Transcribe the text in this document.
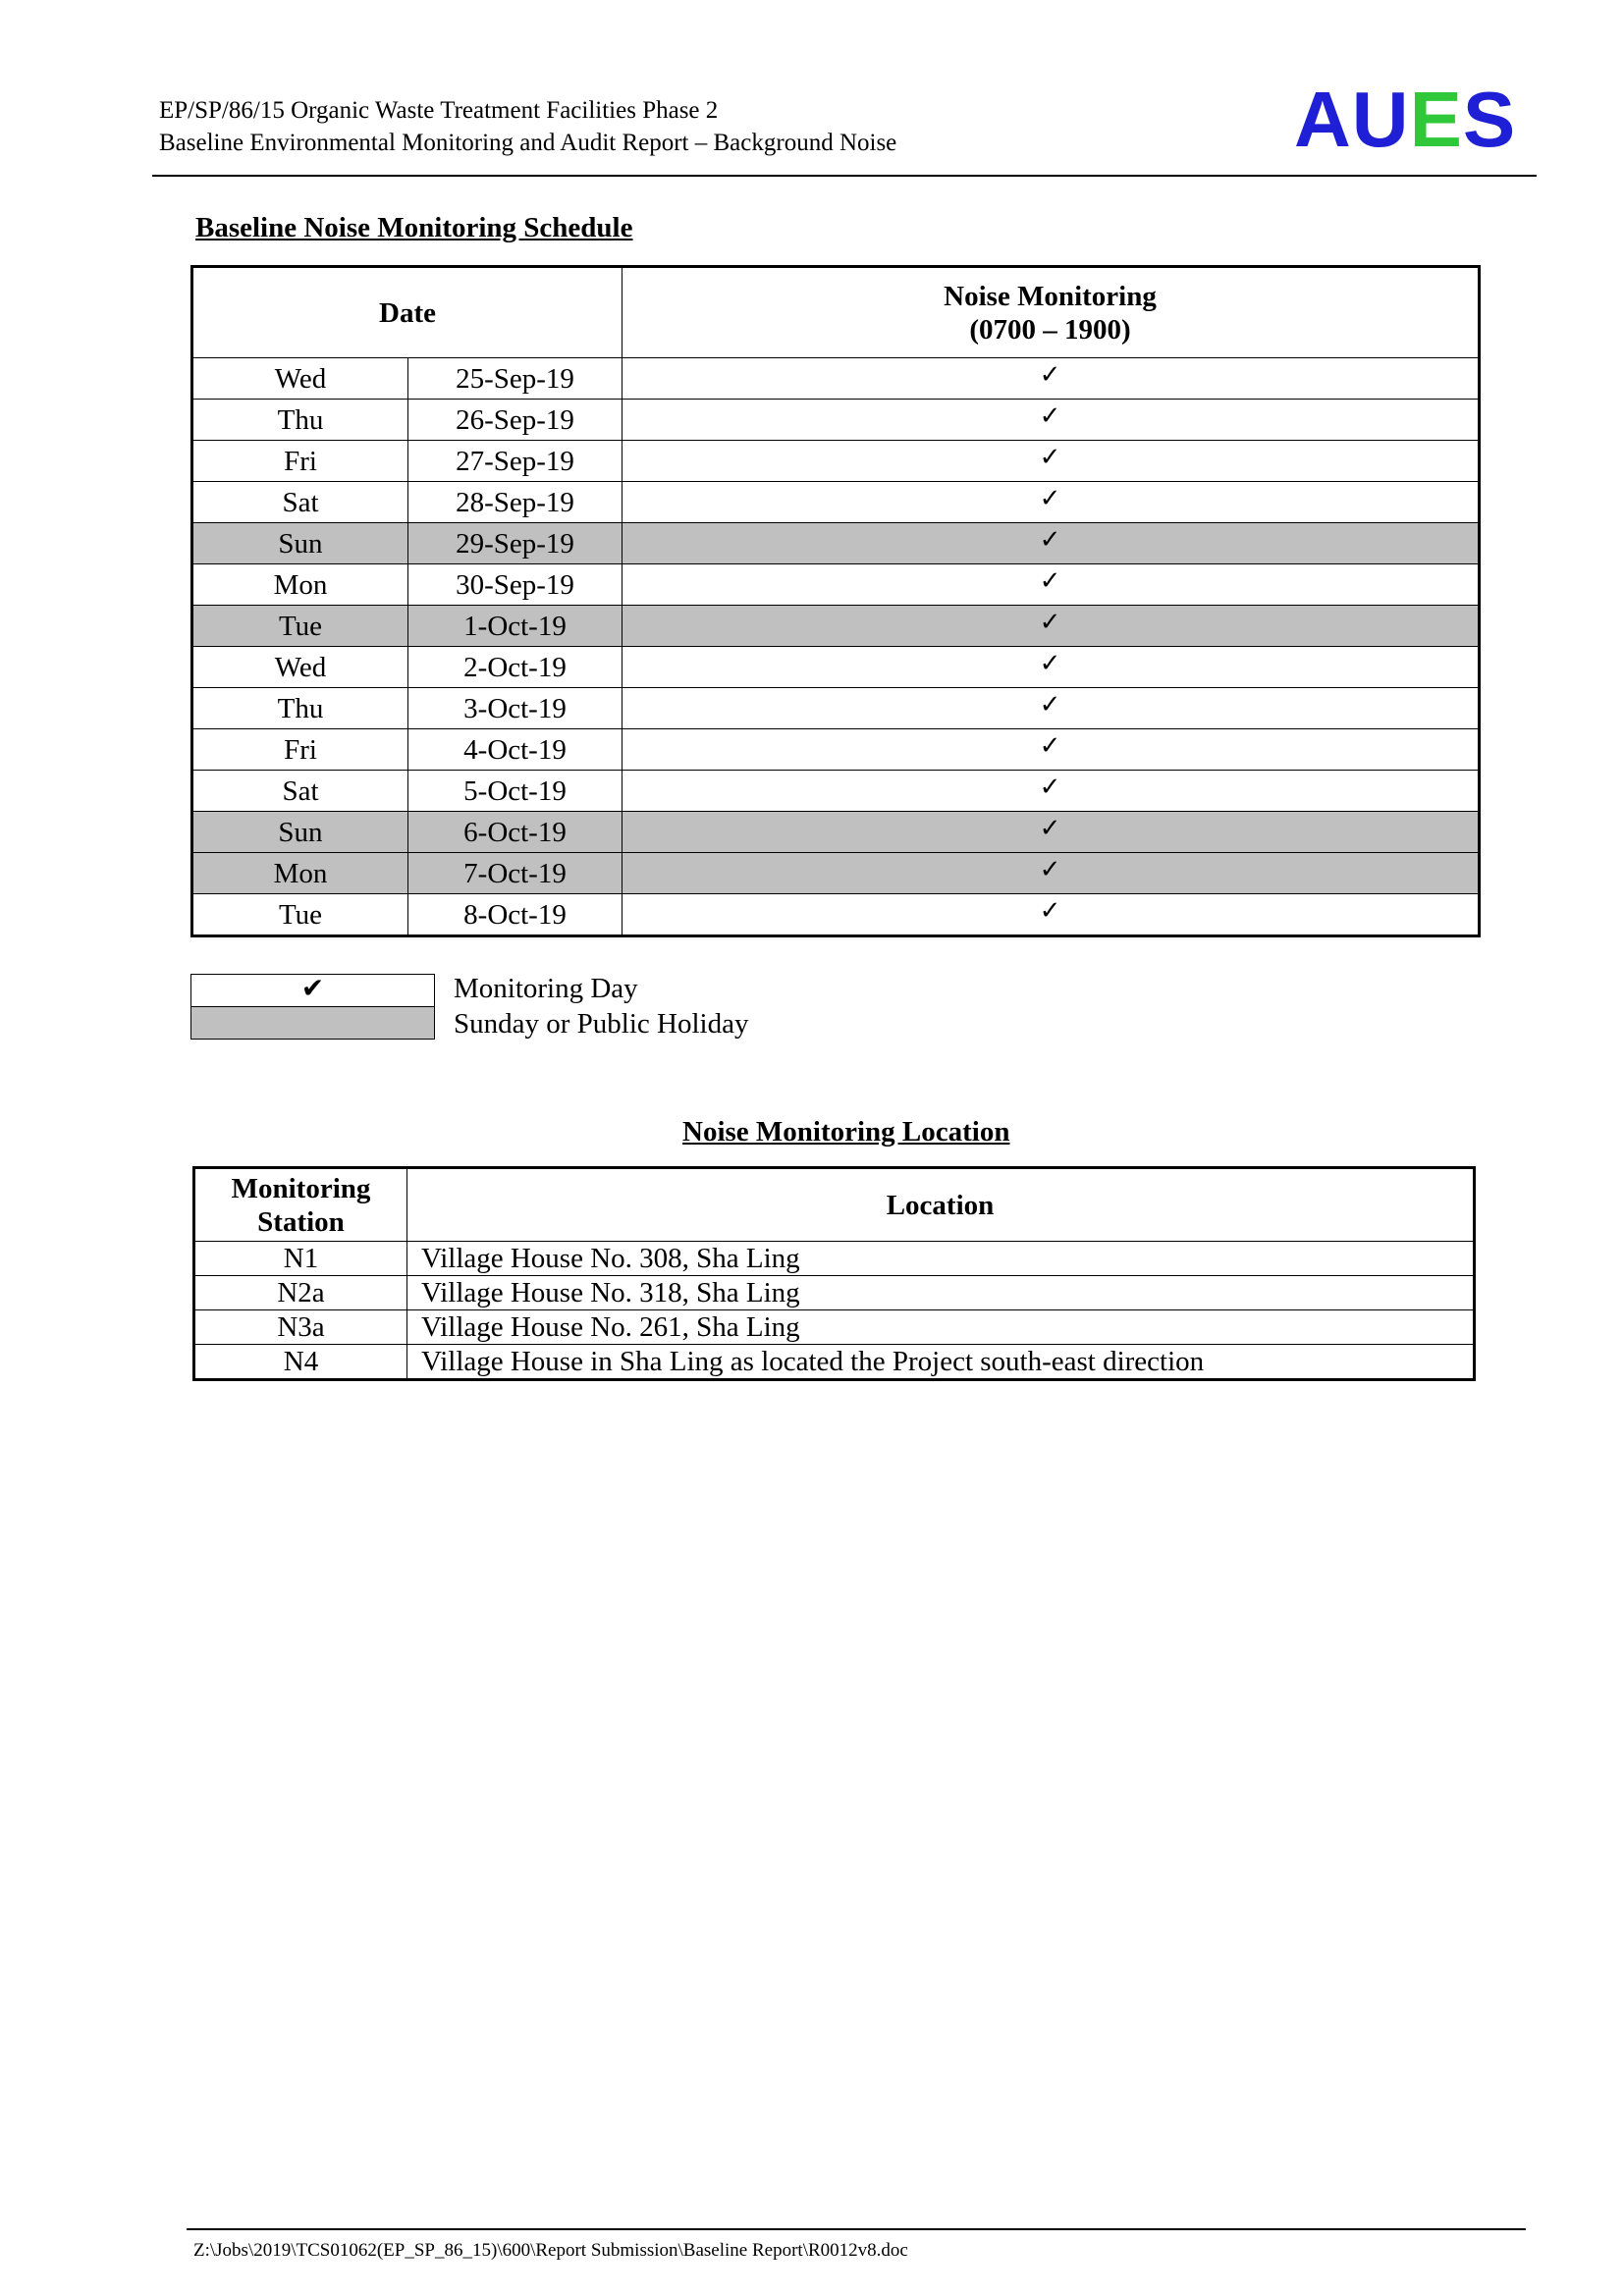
EP/SP/86/15 Organic Waste Treatment Facilities Phase 2
Baseline Environmental Monitoring and Audit Report – Background Noise	AUES
Baseline Noise Monitoring Schedule
Date		Noise Monitoring
(0700 – 1900)
Wed	25-Sep-19	✓
Thu	26-Sep-19	✓
Fri	27-Sep-19	✓
Sat	28-Sep-19	✓
Sun	29-Sep-19	✓
Mon	30-Sep-19	✓
Tue	1-Oct-19	✓
Wed	2-Oct-19	✓
Thu	3-Oct-19	✓
Fri	4-Oct-19	✓
Sat	5-Oct-19	✓
Sun	6-Oct-19	✓
Mon	7-Oct-19	✓
Tue	8-Oct-19	✓
✔	Monitoring Day
Sunday or Public Holiday
Noise Monitoring Location
Monitoring
Station	Location
N1	Village House No. 308, Sha Ling
N2a	Village House No. 318, Sha Ling
N3a	Village House No. 261, Sha Ling
N4	Village House in Sha Ling as located the Project south-east direction
Z:\Jobs\2019\TCS01062(EP_SP_86_15)\600\Report Submission\Baseline Report\R0012v8.doc
